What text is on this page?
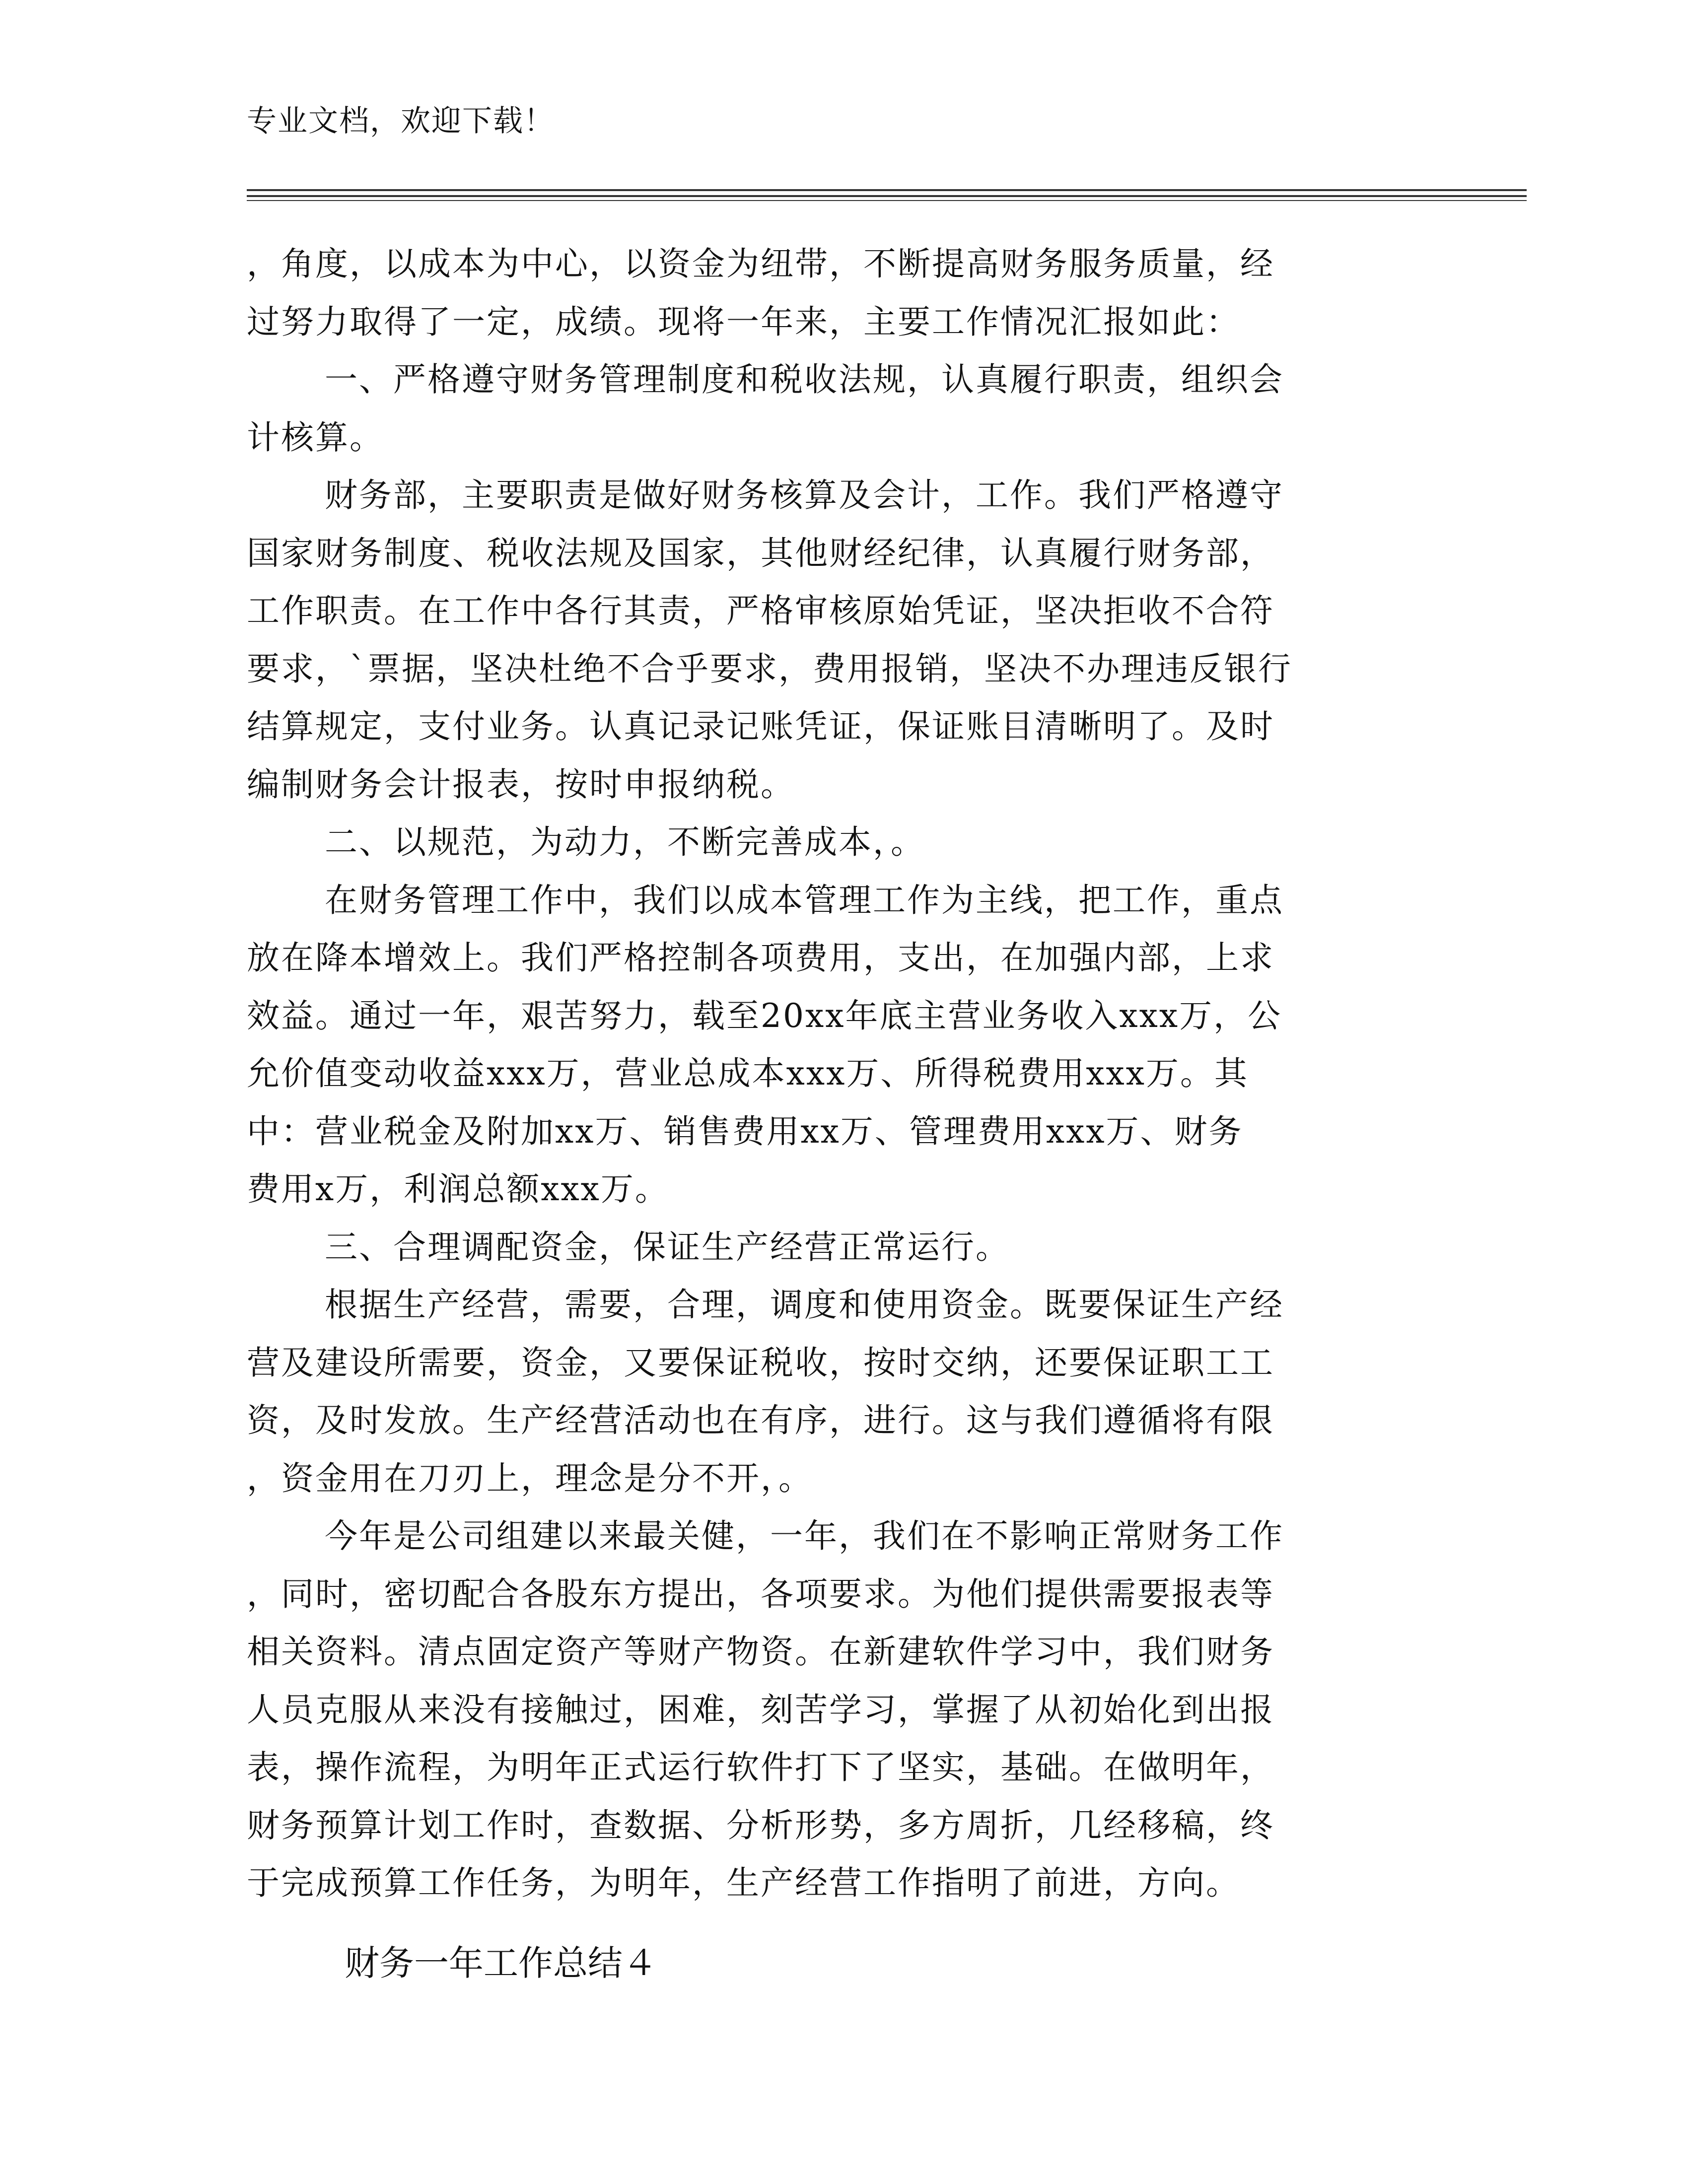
专业文档，欢迎下载！
，角度，以成本为中心，以资金为纽带，不断提高财务服务质量，经
过努力取得了一定，成绩。现将一年来，主要工作情况汇报如此：
一、严格遵守财务管理制度和税收法规，认真履行职责，组织会
计核算。
财务部，主要职责是做好财务核算及会计，工作。我们严格遵守
国家财务制度、税收法规及国家，其他财经纪律，认真履行财务部，
工作职责。在工作中各行其责，严格审核原始凭证，坚决拒收不合符
要求，`票据，坚决杜绝不合乎要求，费用报销，坚决不办理违反银行
结算规定，支付业务。认真记录记账凭证，保证账目清晰明了。及时
编制财务会计报表，按时申报纳税。
二、以规范，为动力，不断完善成本，。
在财务管理工作中，我们以成本管理工作为主线，把工作，重点
放在降本增效上。我们严格控制各项费用，支出，在加强内部，上求
效益。通过一年，艰苦努力，载至20xx年底主营业务收入xxx万，公
允价值变动收益xxx万，营业总成本xxx万、所得税费用xxx万。其
中：营业税金及附加xx万、销售费用xx万、管理费用xxx万、财务
费用x万，利润总额xxx万。
三、合理调配资金，保证生产经营正常运行。
根据生产经营，需要，合理，调度和使用资金。既要保证生产经
营及建设所需要，资金，又要保证税收，按时交纳，还要保证职工工
资，及时发放。生产经营活动也在有序，进行。这与我们遵循将有限
，资金用在刀刃上，理念是分不开，。
今年是公司组建以来最关健，一年，我们在不影响正常财务工作
，同时，密切配合各股东方提出，各项要求。为他们提供需要报表等
相关资料。清点固定资产等财产物资。在新建软件学习中，我们财务
人员克服从来没有接触过，困难，刻苦学习，掌握了从初始化到出报
表，操作流程，为明年正式运行软件打下了坚实，基础。在做明年，
财务预算计划工作时，查数据、分析形势，多方周折，几经移稿，终
于完成预算工作任务，为明年，生产经营工作指明了前进，方向。
财务一年工作总结４
